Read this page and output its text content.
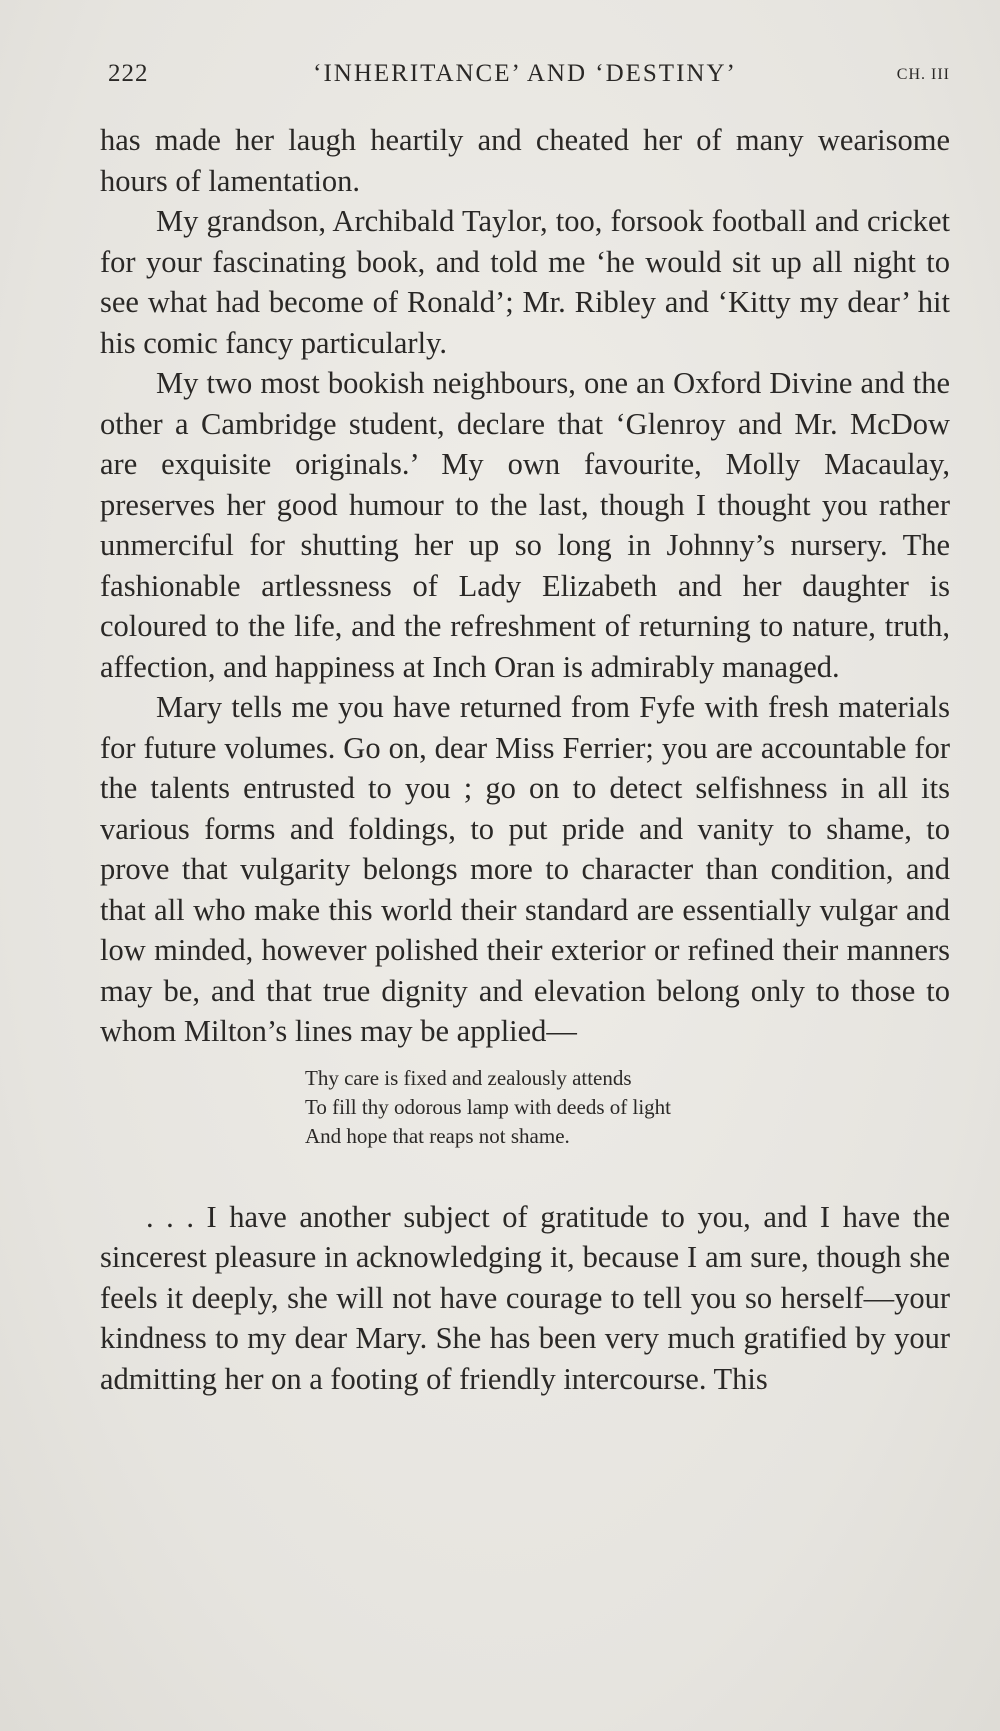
222	‘INHERITANCE’ AND ‘DESTINY’	CH. III

has made her laugh heartily and cheated her of many wearisome hours of lamentation.

My grandson, Archibald Taylor, too, forsook football and cricket for your fascinating book, and told me ‘he would sit up all night to see what had become of Ronald’; Mr. Ribley and ‘Kitty my dear’ hit his comic fancy particularly.

My two most bookish neighbours, one an Oxford Divine and the other a Cambridge student, declare that ‘Glenroy and Mr. McDow are exquisite originals.’ My own favourite, Molly Macaulay, preserves her good humour to the last, though I thought you rather unmerciful for shutting her up so long in Johnny’s nursery. The fashionable artlessness of Lady Elizabeth and her daughter is coloured to the life, and the refreshment of returning to nature, truth, affection, and happiness at Inch Oran is admirably managed.

Mary tells me you have returned from Fyfe with fresh materials for future volumes. Go on, dear Miss Ferrier; you are accountable for the talents entrusted to you ; go on to detect selfishness in all its various forms and foldings, to put pride and vanity to shame, to prove that vulgarity belongs more to character than condition, and that all who make this world their standard are essentially vulgar and low minded, however polished their exterior or refined their manners may be, and that true dignity and elevation belong only to those to whom Milton’s lines may be applied—

Thy care is fixed and zealously attends
To fill thy odorous lamp with deeds of light
And hope that reaps not shame.

. . . I have another subject of gratitude to you, and I have the sincerest pleasure in acknowledging it, because I am sure, though she feels it deeply, she will not have courage to tell you so herself—your kindness to my dear Mary. She has been very much gratified by your admitting her on a footing of friendly intercourse. This
